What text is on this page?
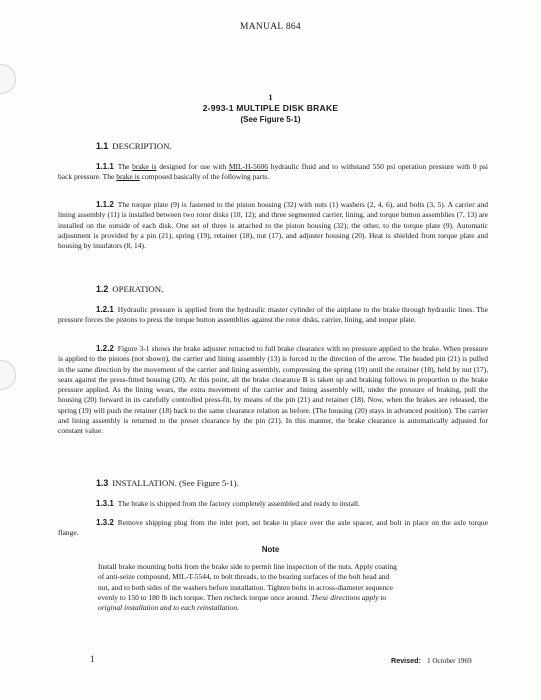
MANUAL 864
1
2-993-1 MULTIPLE DISK BRAKE
(See Figure 5-1)
1.1 DESCRIPTION.
1.1.1 The brake is designed for use with MIL-H-5606 hydraulic fluid and to withstand 550 psi operation pressure with 0 psi back pressure. The brake is composed basically of the following parts.
1.1.2 The torque plate (9) is fastened to the piston housing (32) with nuts (1) washers (2, 4, 6), and bolts (3, 5). A carrier and lining assembly (11) is installed between two rotor disks (10, 12); and three segmented carrier, lining, and torque button assemblies (7, 13) are installed on the outside of each disk. One set of three is attached to the piston housing (32); the other, to the torque plate (9). Automatic adjustment is provided by a pin (21), spring (19), retainer (18), nut (17), and adjuster housing (20). Heat is shielded from torque plate and housing by insulators (8, 14).
1.2 OPERATION.
1.2.1 Hydraulic pressure is applied from the hydraulic master cylinder of the airplane to the brake through hydraulic lines. The pressure forces the pistons to press the torque button assemblies against the rotor disks, carrier, lining, and torque plate.
1.2.2 Figure 3-1 shows the brake adjuster retracted to full brake clearance with no pressure applied to the brake. When pressure is applied to the pistons (not shown), the carrier and lining assembly (13) is forced in the direction of the arrow. The headed pin (21) is pulled in the same direction by the movement of the carrier and lining assembly, compressing the spring (19) until the retainer (18), held by nut (17), seats against the press-fitted housing (20). At this point, all the brake clearance B is taken up and braking follows in proportion to the brake pressure applied. As the lining wears, the extra movement of the carrier and lining assembly will, under the pressure of braking, pull the housing (20) forward in its carefully controlled press-fit, by means of the pin (21) and retainer (18). Now, when the brakes are released, the spring (19) will push the retainer (18) back to the same clearance relation as before. (The housing (20) stays in advanced position). The carrier and lining assembly is returned to the preset clearance by the pin (21). In this manner, the brake clearance is automatically adjusted for constant value.
1.3 INSTALLATION. (See Figure 5-1).
1.3.1 The brake is shipped from the factory completely assembled and ready to install.
1.3.2 Remove shipping plug from the inlet port, set brake in place over the axle spacer, and bolt in place on the axle torque flange.
Note
Install brake mounting bolts from the brake side to permit line inspection of the nuts. Apply coating of anti-seize compound, MIL-T-5544, to bolt threads, to the bearing surfaces of the bolt head and nut, and to both sides of the washers before installation. Tighten bolts in across-diameter sequence evenly to 150 to 180 lb inch torque. Then recheck torque once around. These directions apply to original installation and to each reinstallation.
1	Revised: 1 October 1969
